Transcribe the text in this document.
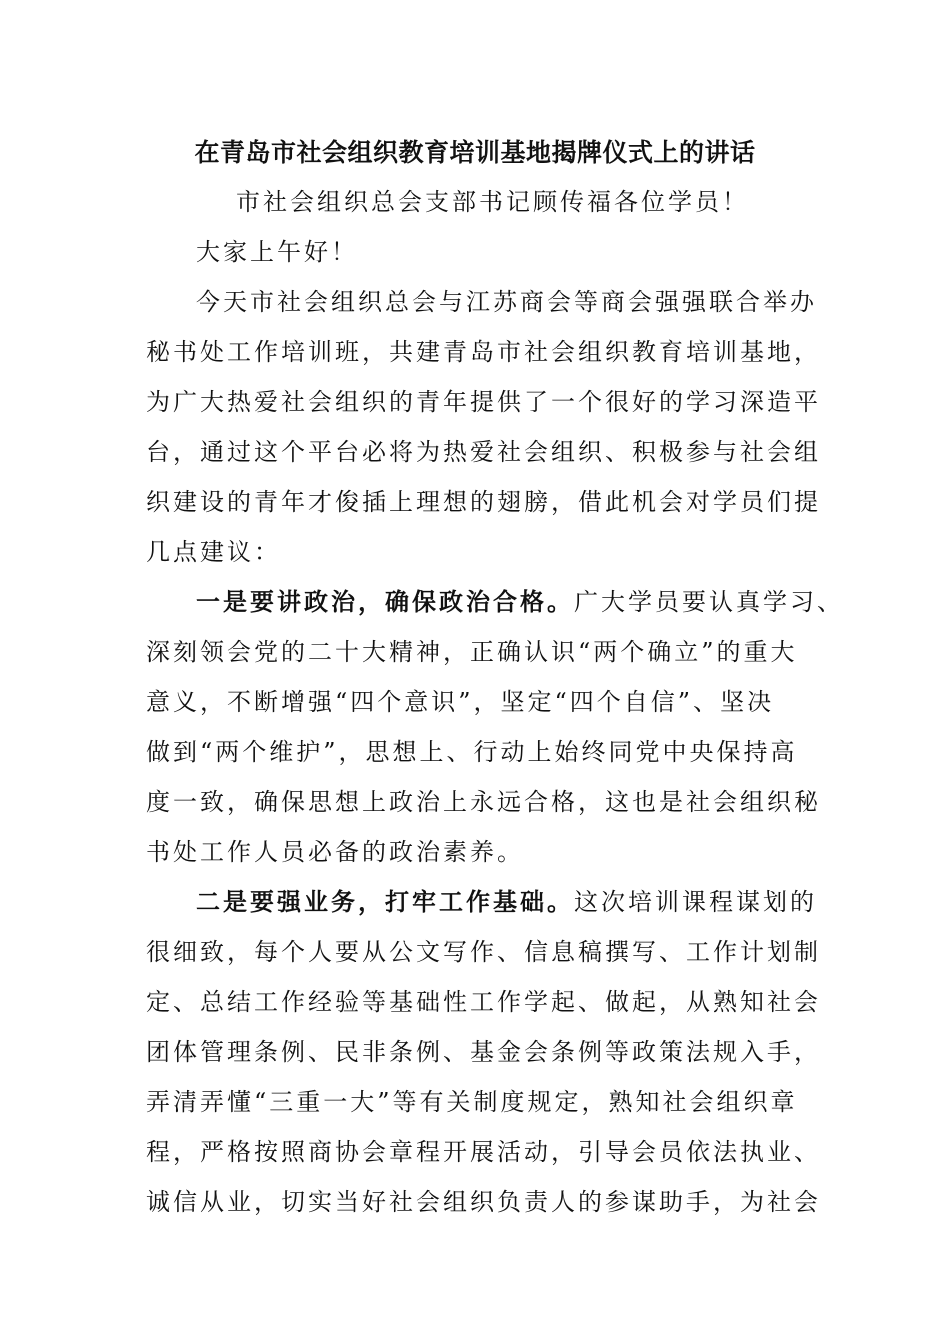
在青岛市社会组织教育培训基地揭牌仪式上的讲话
市社会组织总会支部书记顾传福各位学员！
大家上午好！
今天市社会组织总会与江苏商会等商会强强联合举办
秘书处工作培训班，共建青岛市社会组织教育培训基地，
为广大热爱社会组织的青年提供了一个很好的学习深造平
台，通过这个平台必将为热爱社会组织、积极参与社会组
织建设的青年才俊插上理想的翅膀，借此机会对学员们提
几点建议：
一是要讲政治，确保政治合格。广大学员要认真学习、
深刻领会党的二十大精神，正确认识“两个确立”的重大
意义，不断增强“四个意识”，坚定“四个自信”、坚决
做到“两个维护”，思想上、行动上始终同党中央保持高
度一致，确保思想上政治上永远合格，这也是社会组织秘
书处工作人员必备的政治素养。
二是要强业务，打牢工作基础。这次培训课程谋划的
很细致，每个人要从公文写作、信息稿撰写、工作计划制
定、总结工作经验等基础性工作学起、做起，从熟知社会
团体管理条例、民非条例、基金会条例等政策法规入手，
弄清弄懂“三重一大”等有关制度规定，熟知社会组织章
程，严格按照商协会章程开展活动，引导会员依法执业、
诚信从业，切实当好社会组织负责人的参谋助手，为社会
